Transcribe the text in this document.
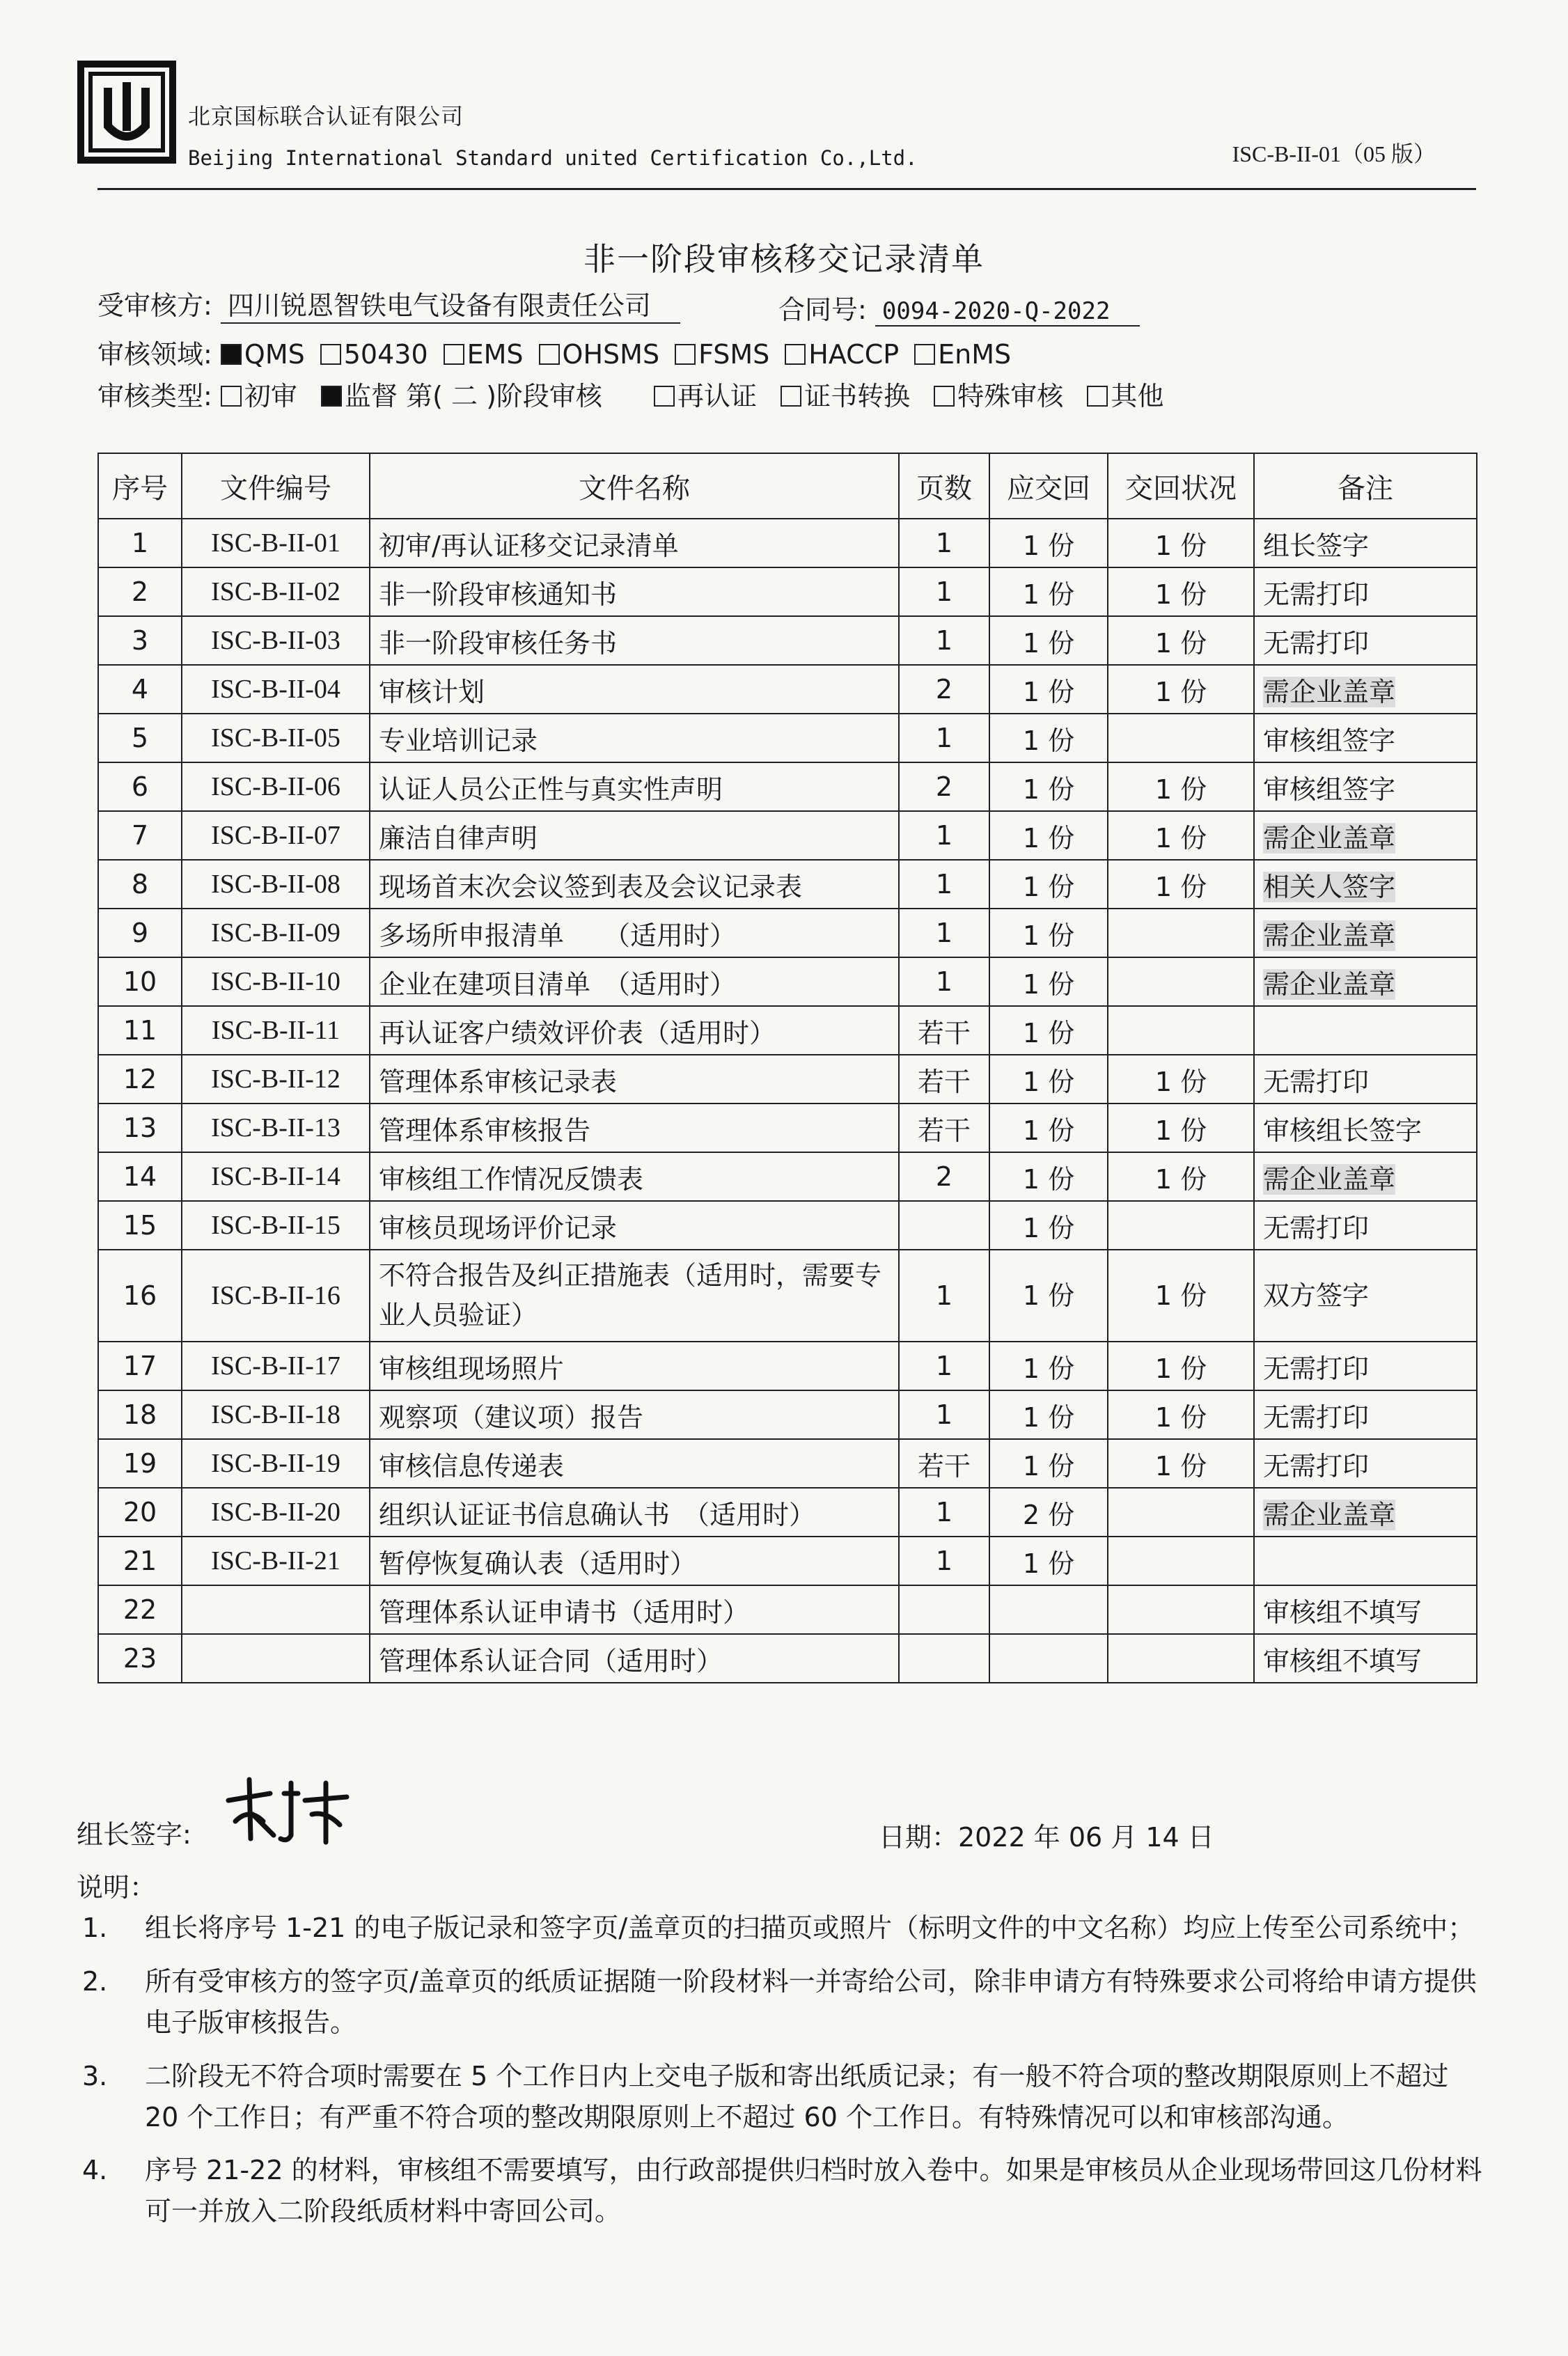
北京国标联合认证有限公司
Beijing International Standard united Certification Co.,Ltd.	ISC-B-II-01（05 版）
非一阶段审核移交记录清单
受审核方: 四川锐恩智铁电气设备有限责任公司	合同号: 0094-2020-Q-2022
审核领域: QMS 50430 EMS OHSMS FSMS HACCP EnMS
审核类型: 初审 监督 第( 二 )阶段审核	再认证 证书转换 特殊审核 其他
序号	文件编号	文件名称	页数	应交回	交回状况	备注
1	ISC-B-II-01	初审/再认证移交记录清单	1	1 份	1 份	组长签字
2	ISC-B-II-02	非一阶段审核通知书	1	1 份	1 份	无需打印
3	ISC-B-II-03	非一阶段审核任务书	1	1 份	1 份	无需打印
4	ISC-B-II-04	审核计划	2	1 份	1 份	需企业盖章
5	ISC-B-II-05	专业培训记录	1	1 份		审核组签字
6	ISC-B-II-06	认证人员公正性与真实性声明	2	1 份	1 份	审核组签字
7	ISC-B-II-07	廉洁自律声明	1	1 份	1 份	需企业盖章
8	ISC-B-II-08	现场首末次会议签到表及会议记录表	1	1 份	1 份	相关人签字
9	ISC-B-II-09	多场所申报清单　　（适用时）	1	1 份		需企业盖章
10	ISC-B-II-10	企业在建项目清单　（适用时）	1	1 份		需企业盖章
11	ISC-B-II-11	再认证客户绩效评价表（适用时）	若干	1 份		
12	ISC-B-II-12	管理体系审核记录表	若干	1 份	1 份	无需打印
13	ISC-B-II-13	管理体系审核报告	若干	1 份	1 份	审核组长签字
14	ISC-B-II-14	审核组工作情况反馈表	2	1 份	1 份	需企业盖章
15	ISC-B-II-15	审核员现场评价记录		1 份		无需打印
16	ISC-B-II-16	不符合报告及纠正措施表（适用时，需要专业人员验证）	1	1 份	1 份	双方签字
17	ISC-B-II-17	审核组现场照片	1	1 份	1 份	无需打印
18	ISC-B-II-18	观察项（建议项）报告	1	1 份	1 份	无需打印
19	ISC-B-II-19	审核信息传递表	若干	1 份	1 份	无需打印
20	ISC-B-II-20	组织认证证书信息确认书　（适用时）	1	2 份		需企业盖章
21	ISC-B-II-21	暂停恢复确认表（适用时）	1	1 份		
22		管理体系认证申请书（适用时）				审核组不填写
23		管理体系认证合同（适用时）				审核组不填写
组长签字:	日期：2022 年 06 月 14 日
说明：
1.	组长将序号 1-21 的电子版记录和签字页/盖章页的扫描页或照片（标明文件的中文名称）均应上传至公司系统中；
2.	所有受审核方的签字页/盖章页的纸质证据随一阶段材料一并寄给公司，除非申请方有特殊要求公司将给申请方提供电子版审核报告。
3.	二阶段无不符合项时需要在 5 个工作日内上交电子版和寄出纸质记录；有一般不符合项的整改期限原则上不超过 20 个工作日；有严重不符合项的整改期限原则上不超过 60 个工作日。有特殊情况可以和审核部沟通。
4.	序号 21-22 的材料，审核组不需要填写，由行政部提供归档时放入卷中。如果是审核员从企业现场带回这几份材料可一并放入二阶段纸质材料中寄回公司。
